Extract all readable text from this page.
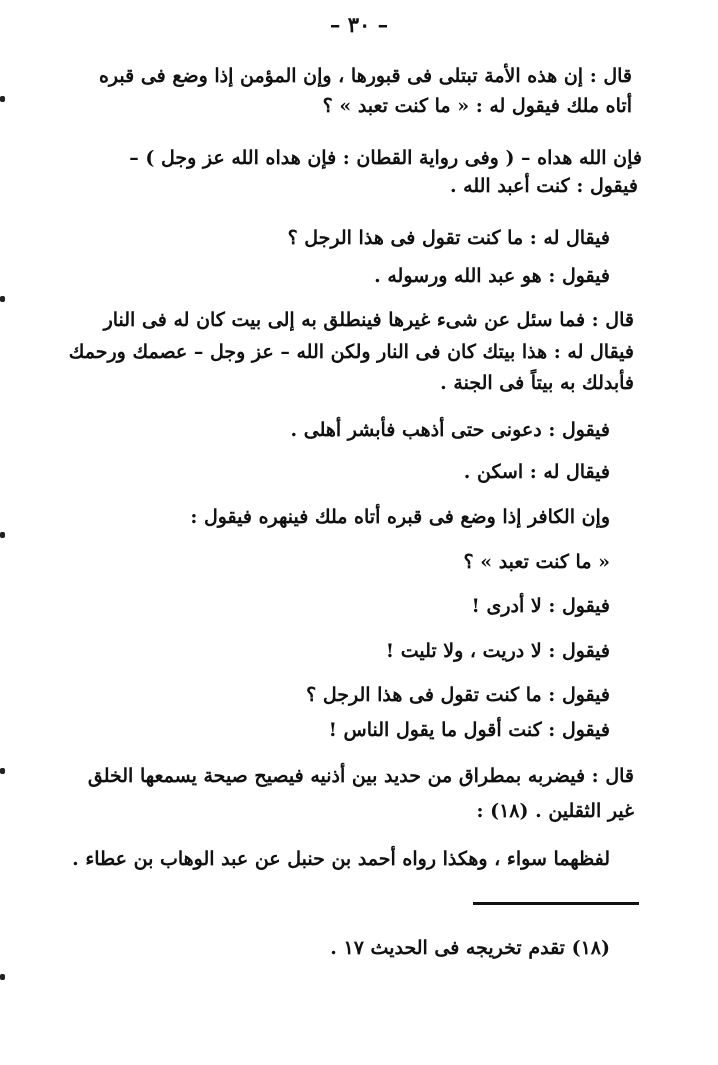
– ٣٠ –
قال : إن هذه الأمة تبتلى فى قبورها ، وإن المؤمن إذا وضع فى قبره
أتاه ملك فيقول له : « ما كنت تعبد » ؟
فإن الله هداه – ( وفى رواية القطان : فإن هداه الله عز وجل ) –
فيقول : كنت أعبد الله .
فيقال له : ما كنت تقول فى هذا الرجل ؟
فيقول : هو عبد الله ورسوله .
قال : فما سئل عن شىء غيرها فينطلق به إلى بيت كان له فى النار
فيقال له : هذا بيتك كان فى النار ولكن الله – عز وجل – عصمك ورحمك
فأبدلك به بيتاً فى الجنة .
فيقول : دعونى حتى أذهب فأبشر أهلى .
فيقال له : اسكن .
وإن الكافر إذا وضع فى قبره أتاه ملك فينهره فيقول :
« ما كنت تعبد » ؟
فيقول : لا أدرى !
فيقول : لا دريت ، ولا تليت !
فيقول : ما كنت تقول فى هذا الرجل ؟
فيقول : كنت أقول ما يقول الناس !
قال : فيضربه بمطراق من حديد بين أذنيه فيصيح صيحة يسمعها الخلق
غير الثقلين . (١٨) :
لفظهما سواء ، وهكذا رواه أحمد بن حنبل عن عبد الوهاب بن عطاء .
(١٨) تقدم تخريجه فى الحديث ١٧ .
